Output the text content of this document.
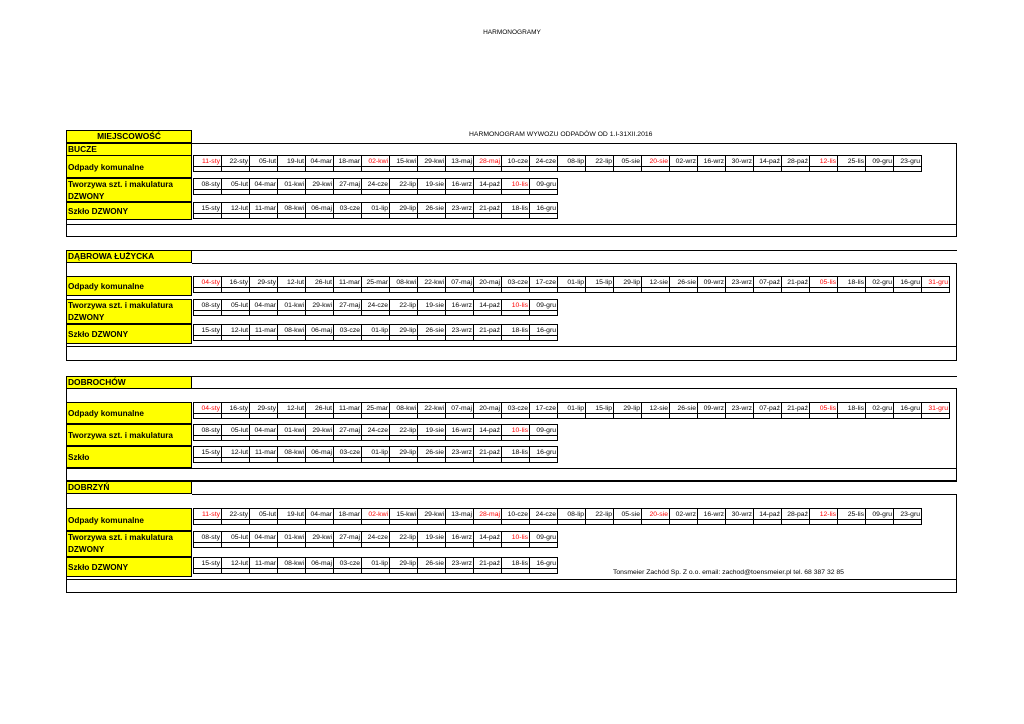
HARMONOGRAMY
HARMONOGRAM WYWOZU ODPADÓW OD 1.I-31XII.2016
Tonsmeier Zachód Sp. Z o.o. email: zachod@toensmeier.pl tel. 68 387 32 85
MIEJSCOWOŚĆ
BUCZE
Odpady komunalne
11-sty	22-sty	05-lut	19-lut 04-mar 18-mar	02-kwi	15-kwi	29-kwi	13-maj	28-maj	10-cze	24-cze	08-lip	22-lip	05-sie	20-sie	02-wrz	16-wrz	30-wrz	14-paź	28-paź	12-lis	25-lis	09-gru	23-gru
Tworzywa szt. i makulatura
DZWONY
08-sty	05-lut 04-mar	01-kwi	29-kwi	27-maj	24-cze	22-lip	19-sie	16-wrz	14-paź	10-lis	09-gru
Szkło DZWONY	15-sty	12-lut	11-mar	08-kwi	06-maj	03-cze	01-lip	29-lip	26-sie	23-wrz	21-paź	18-lis	16-gru
DĄBROWA ŁUŻYCKA
Odpady komunalne	04-sty	16-sty	29-sty	12-lut	26-lut	11-mar 25-mar	08-kwi	22-kwi	07-maj	20-maj	03-cze	17-cze	01-lip	15-lip	29-lip	12-sie	26-sie	09-wrz	23-wrz	07-paź	21-paź	05-lis	18-lis	02-gru	16-gru	31-gru
Tworzywa szt. i makulatura
DZWONY
08-sty	05-lut 04-mar	01-kwi	29-kwi	27-maj	24-cze	22-lip	19-sie	16-wrz	14-paź	10-lis	09-gru
Szkło DZWONY	15-sty	12-lut	11-mar	08-kwi	06-maj	03-cze	01-lip	29-lip	26-sie	23-wrz	21-paź	18-lis	16-gru
DOBROCHÓW
Odpady komunalne
04-sty	16-sty	29-sty	12-lut	26-lut	11-mar 25-mar	08-kwi	22-kwi	07-maj	20-maj	03-cze	17-cze	01-lip	15-lip	29-lip	12-sie	26-sie	09-wrz	23-wrz	07-paź	21-paź	05-lis	18-lis	02-gru	16-gru	31-gru
Tworzywa szt. i makulatura
08-sty	05-lut 04-mar	01-kwi	29-kwi	27-maj	24-cze	22-lip	19-sie	16-wrz	14-paź	10-lis	09-gru
Szkło
15-sty	12-lut	11-mar	08-kwi	06-maj	03-cze	01-lip	29-lip	26-sie	23-wrz	21-paź	18-lis	16-gru
DOBRZYŃ
Odpady komunalne
11-sty	22-sty	05-lut	19-lut 04-mar 18-mar	02-kwi	15-kwi	29-kwi	13-maj	28-maj	10-cze	24-cze	08-lip	22-lip	05-sie	20-sie	02-wrz	16-wrz	30-wrz	14-paź	28-paź	12-lis	25-lis	09-gru	23-gru
Tworzywa szt. i makulatura
DZWONY
08-sty	05-lut 04-mar	01-kwi	29-kwi	27-maj	24-cze	22-lip	19-sie	16-wrz	14-paź	10-lis	09-gru
Szkło DZWONY	15-sty	12-lut	11-mar	08-kwi	06-maj	03-cze	01-lip	29-lip	26-sie	23-wrz	21-paź	18-lis	16-gru
